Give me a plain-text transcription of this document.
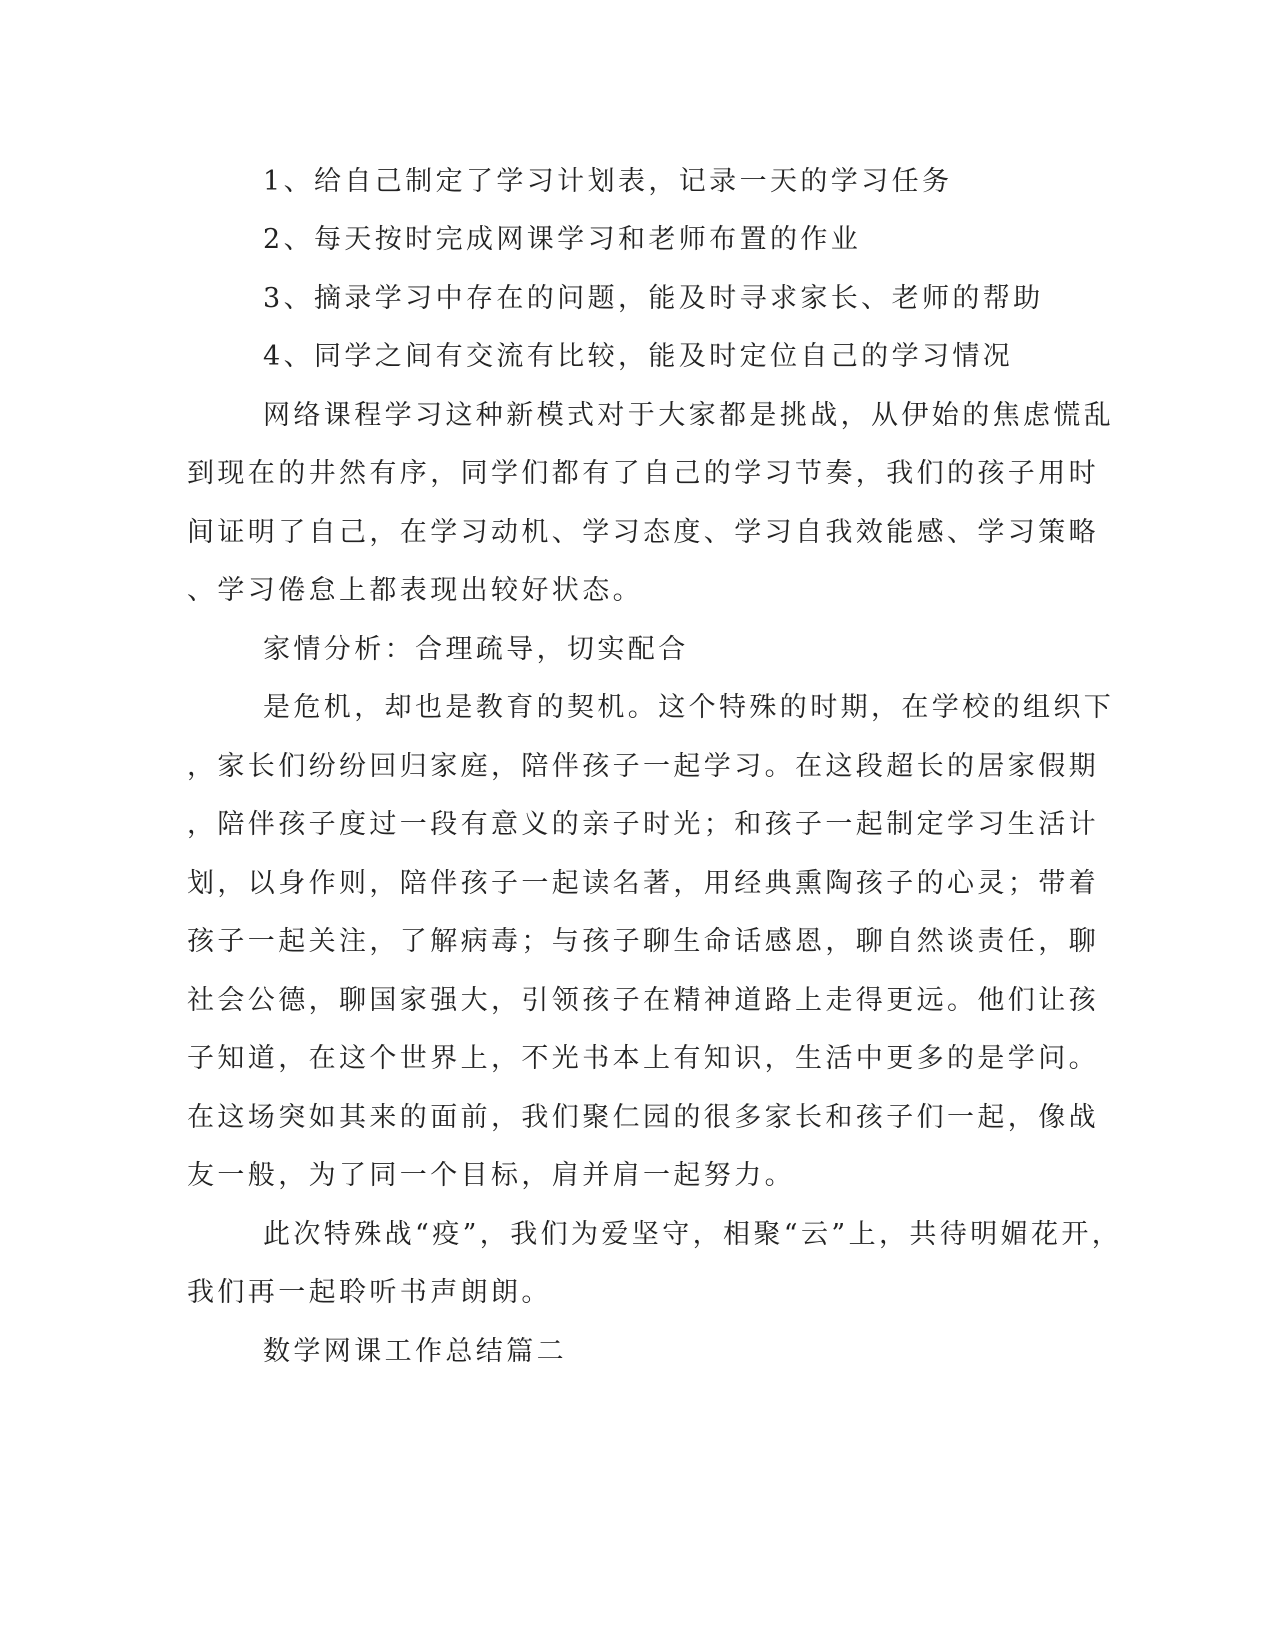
1、给自己制定了学习计划表，记录一天的学习任务
2、每天按时完成网课学习和老师布置的作业
3、摘录学习中存在的问题，能及时寻求家长、老师的帮助
4、同学之间有交流有比较，能及时定位自己的学习情况
网络课程学习这种新模式对于大家都是挑战，从伊始的焦虑慌乱
到现在的井然有序，同学们都有了自己的学习节奏，我们的孩子用时
间证明了自己，在学习动机、学习态度、学习自我效能感、学习策略
、学习倦怠上都表现出较好状态。
家情分析：合理疏导，切实配合
是危机，却也是教育的契机。这个特殊的时期，在学校的组织下
，家长们纷纷回归家庭，陪伴孩子一起学习。在这段超长的居家假期
，陪伴孩子度过一段有意义的亲子时光；和孩子一起制定学习生活计
划，以身作则，陪伴孩子一起读名著，用经典熏陶孩子的心灵；带着
孩子一起关注，了解病毒；与孩子聊生命话感恩，聊自然谈责任，聊
社会公德，聊国家强大，引领孩子在精神道路上走得更远。他们让孩
子知道，在这个世界上，不光书本上有知识，生活中更多的是学问。
在这场突如其来的面前，我们聚仁园的很多家长和孩子们一起，像战
友一般，为了同一个目标，肩并肩一起努力。
此次特殊战“疫”，我们为爱坚守，相聚“云”上，共待明媚花开，
我们再一起聆听书声朗朗。
数学网课工作总结篇二
